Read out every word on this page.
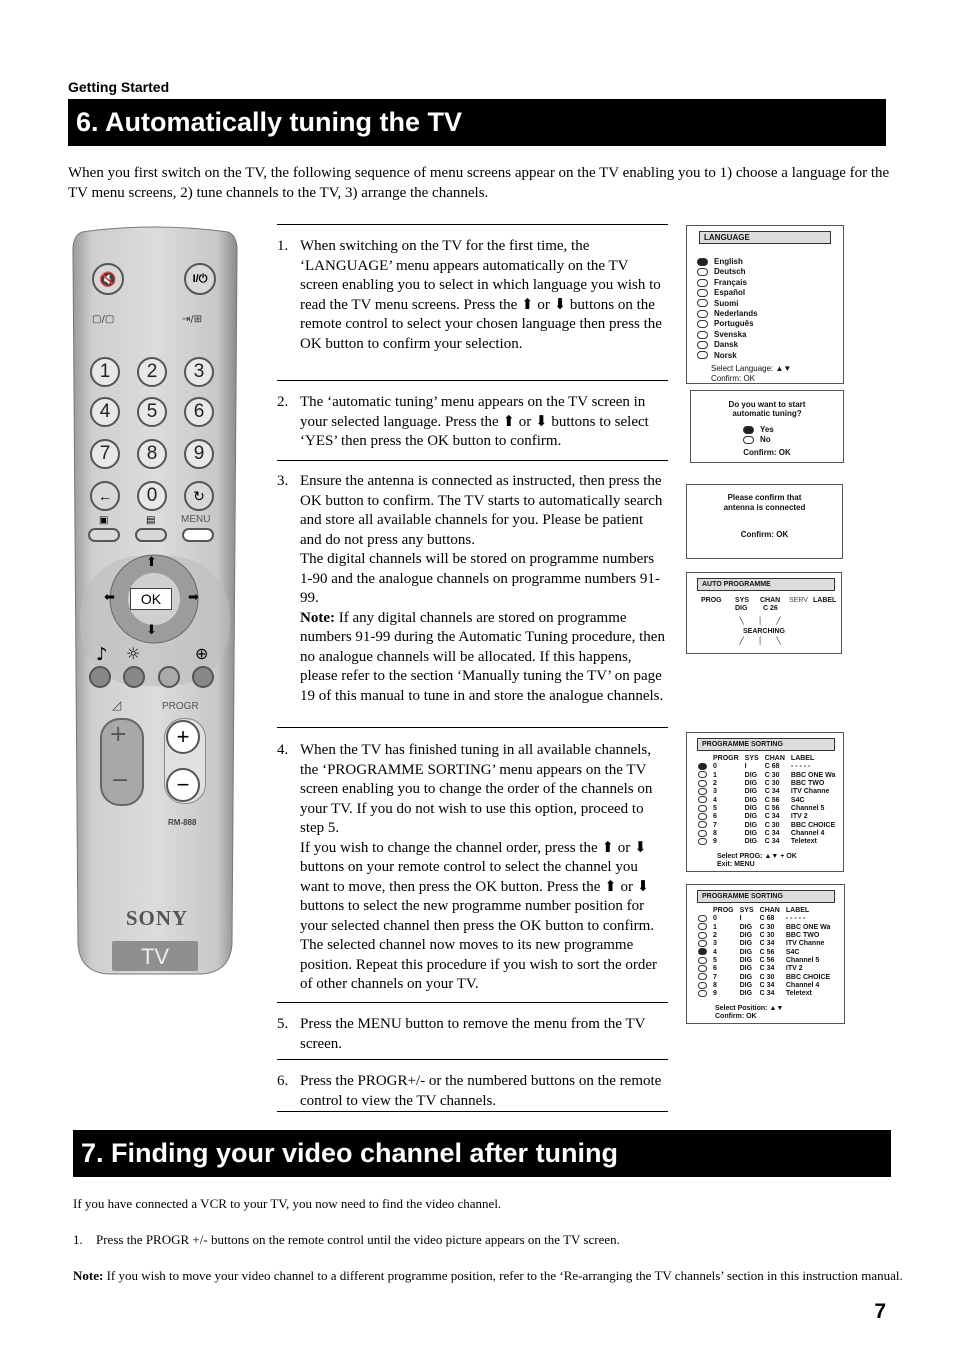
Getting Started
6. Automatically tuning the TV
When you first switch on the TV, the following sequence of menu screens appear on the TV enabling you to 1) choose a language for the TV menu screens, 2) tune channels to the TV, 3) arrange the channels.
🔇	I/⏻
▢/▢	⇥/⊞
1	2	3
4	5	6
7	8	9
←	0	↻
▣	▤	MENU
⬆
⬇
⬅	➡
OK
♪ ☼	⊕
◿	PROGR
+
−
+
−
RM-888
SONY
TV
1. When switching on the TV for the first time, the ‘LANGUAGE’ menu appears automatically on the TV screen enabling you to select in which language you wish to read the TV menu screens. Press the ⬆ or ⬇ buttons on the remote control to select your chosen language then press the OK button to confirm your selection.

2. The ‘automatic tuning’ menu appears on the TV screen in your selected language. Press the ⬆ or ⬇ buttons to select ‘YES’ then press the OK button to confirm.

3. Ensure the antenna is connected as instructed, then press the OK button to confirm. The TV starts to automatically search and store all available channels for you. Please be patient and do not press any buttons.

The digital channels will be stored on programme numbers 1-90 and the analogue channels on programme numbers 91-99.

Note: If any digital channels are stored on programme numbers 91-99 during the Automatic Tuning procedure, then no analogue channels will be allocated. If this happens, please refer to the section ‘Manually tuning the TV’ on page 19 of this manual to tune in and store the analogue channels.

4. When the TV has finished tuning in all available channels, the ‘PROGRAMME SORTING’ menu appears on the TV screen enabling you to change the order of the channels on your TV. If you do not wish to use this option, proceed to step 5.

If you wish to change the channel order, press the ⬆ or ⬇ buttons on your remote control to select the channel you want to move, then press the OK button. Press the ⬆ or ⬇ buttons to select the new programme number position for your selected channel then press the OK button to confirm. The selected channel now moves to its new programme position. Repeat this procedure if you wish to sort the order of other channels on your TV.

5. Press the MENU button to remove the menu from the TV screen.

6. Press the PROGR+/- or the numbered buttons on the remote control to view the TV channels.

LANGUAGE
English
Deutsch
Français
Español
Suomi
Nederlands
Português
Svenska
Dansk
Norsk
Select Language: ▲▼
Confirm: OK
Do you want to start
automatic tuning?
Yes
No
Confirm: OK
Please confirm that
antenna is connected
Confirm: OK
AUTO PROGRAMME
PROG SYS CHAN SERV LABEL
DIG C 26
╲ │ ╱
SEARCHING
╱ │ ╲
PROGRAMME SORTING
	PROGR	SYS	CHAN	LABEL
	0	I	C 68	- - - - -
	1	DIG	C 30	BBC ONE Wa
	2	DIG	C 30	BBC TWO
	3	DIG	C 34	ITV Channe
	4	DIG	C 56	S4C
	5	DIG	C 56	Channel 5
	6	DIG	C 34	ITV 2
	7	DIG	C 30	BBC CHOICE
	8	DIG	C 34	Channel 4
	9	DIG	C 34	Teletext
Select PROG: ▲▼ + OK
Exit: MENU
PROGRAMME SORTING
	PROG	SYS	CHAN	LABEL
	0	I	C 68	- - - - -
	1	DIG	C 30	BBC ONE Wa
	2	DIG	C 30	BBC TWO
	3	DIG	C 34	ITV Channe
	4	DIG	C 56	S4C
	5	DIG	C 56	Channel 5
	6	DIG	C 34	ITV 2
	7	DIG	C 30	BBC CHOICE
	8	DIG	C 34	Channel 4
	9	DIG	C 34	Teletext
Select Position: ▲▼
Confirm: OK
7. Finding your video channel after tuning
If you have connected a VCR to your TV, you now need to find the video channel.
1. Press the PROGR +/- buttons on the remote control until the video picture appears on the TV screen.
Note: If you wish to move your video channel to a different programme position, refer to the ‘Re-arranging the TV channels’ section in this instruction manual.
7
